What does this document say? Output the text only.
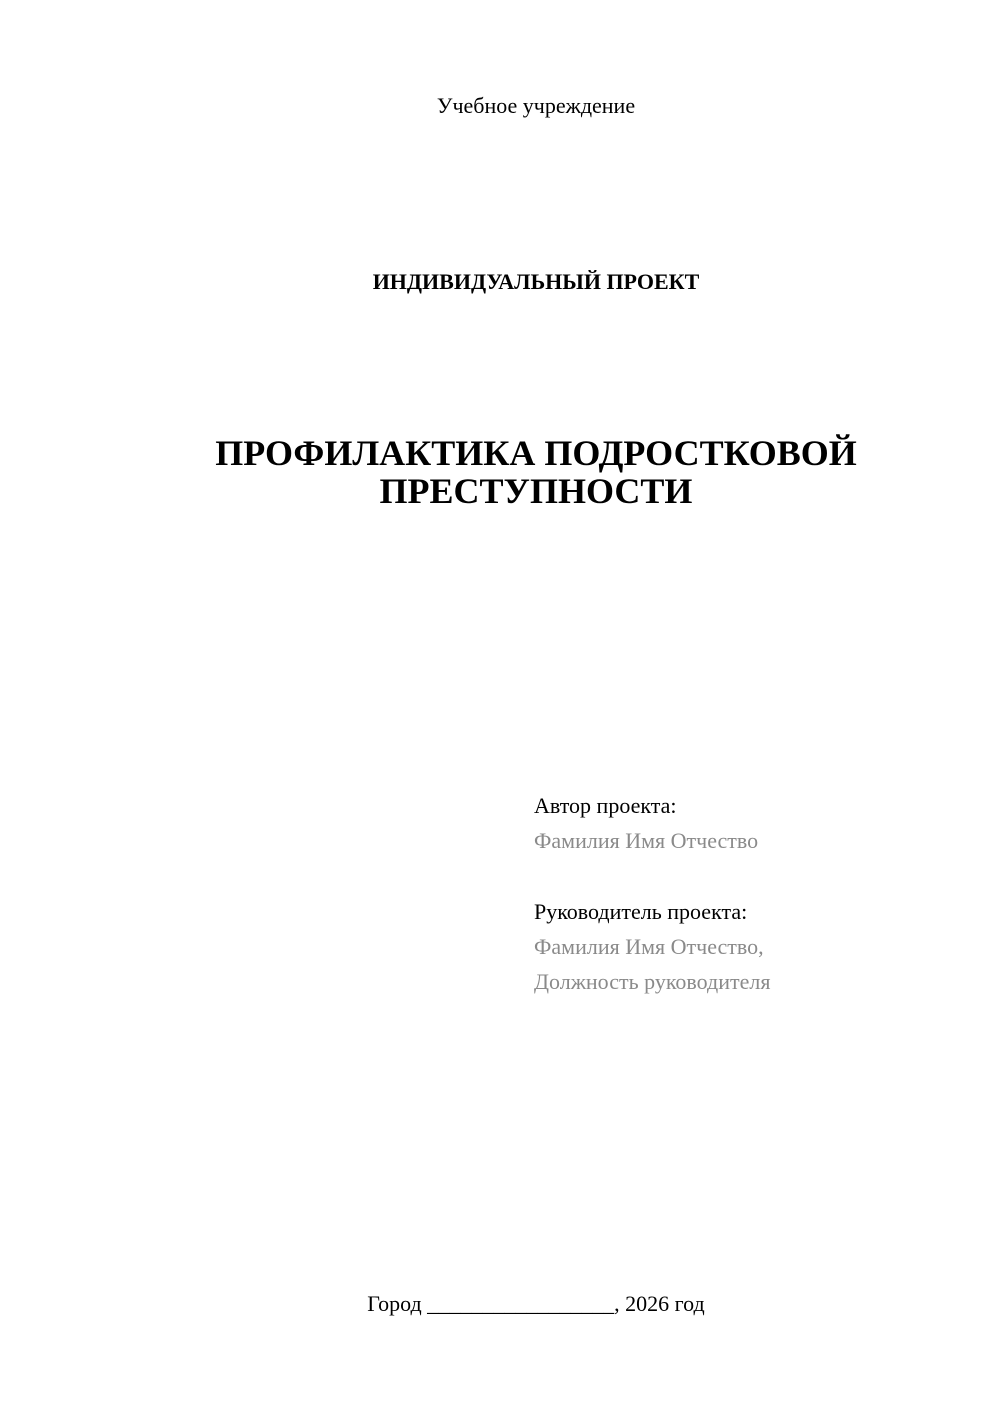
Учебное учреждение
ИНДИВИДУАЛЬНЫЙ ПРОЕКТ
ПРОФИЛАКТИКА ПОДРОСТКОВОЙ
ПРЕСТУПНОСТИ
Автор проекта:
Фамилия Имя Отчество
Руководитель проекта:
Фамилия Имя Отчество,
Должность руководителя
Город _________________, 2026 год
